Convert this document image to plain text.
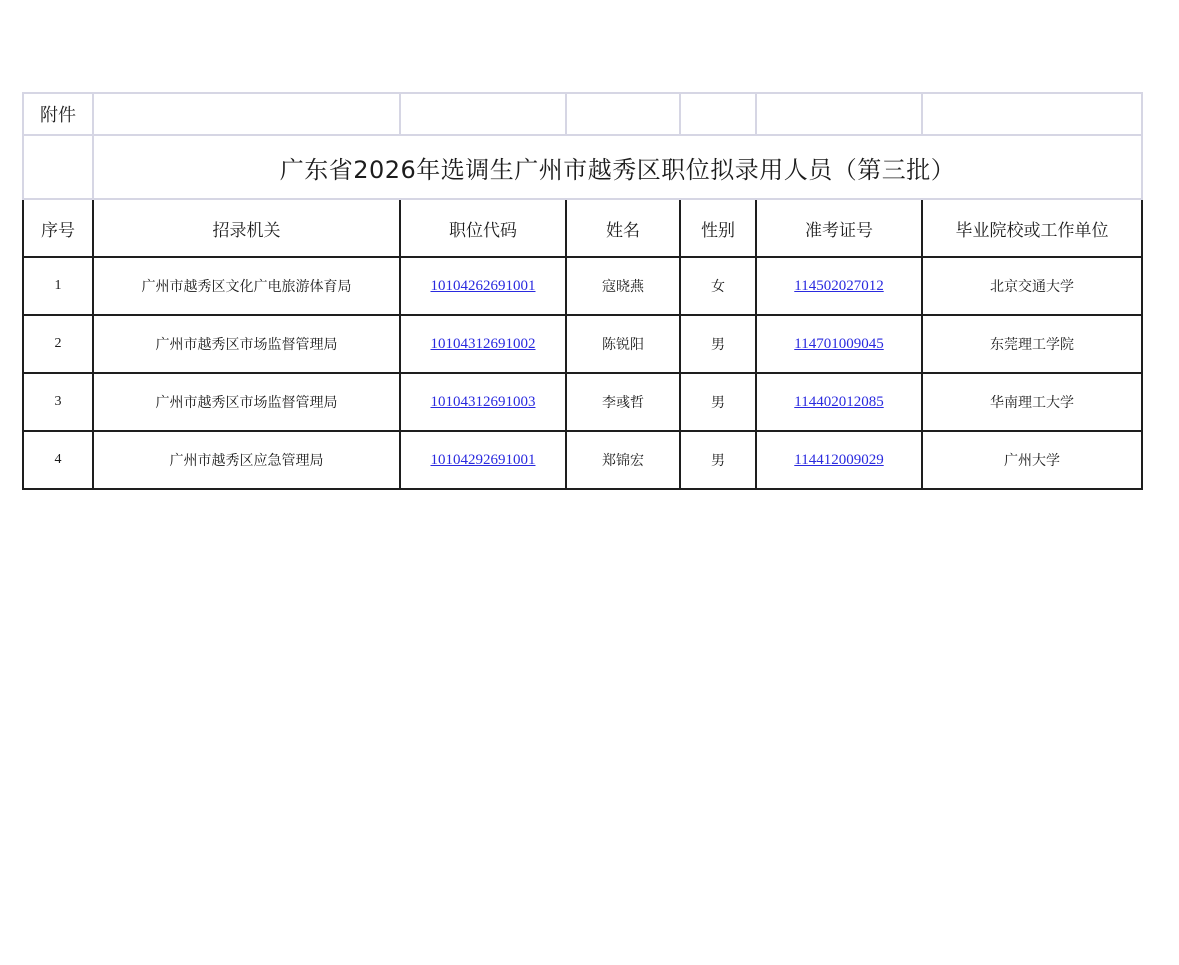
附件						
	广东省2026年选调生广州市越秀区职位拟录用人员（第三批）					
序号	招录机关	职位代码	姓名	性别	准考证号	毕业院校或工作单位
1	广州市越秀区文化广电旅游体育局	10104262691001	寇晓燕	女	114502027012	北京交通大学
2	广州市越秀区市场监督管理局	10104312691002	陈锐阳	男	114701009045	东莞理工学院
3	广州市越秀区市场监督管理局	10104312691003	李彧哲	男	114402012085	华南理工大学
4	广州市越秀区应急管理局	10104292691001	郑锦宏	男	114412009029	广州大学
